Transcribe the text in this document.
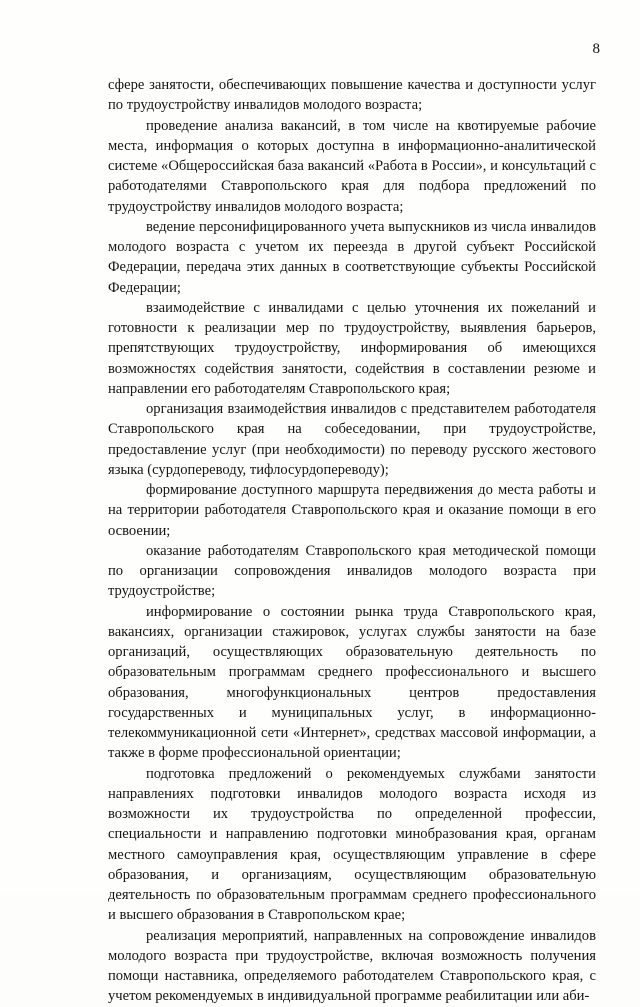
8

сфере занятости, обеспечивающих повышение качества и доступности услуг по трудоустройству инвалидов молодого возраста;

проведение анализа вакансий, в том числе на квотируемые рабочие места, информация о которых доступна в информационно-аналитической системе «Общероссийская база вакансий «Работа в России», и консультаций с работодателями Ставропольского края для подбора предложений по трудоустройству инвалидов молодого возраста;

ведение персонифицированного учета выпускников из числа инвалидов молодого возраста с учетом их переезда в другой субъект Российской Федерации, передача этих данных в соответствующие субъекты Российской Федерации;

взаимодействие с инвалидами с целью уточнения их пожеланий и готовности к реализации мер по трудоустройству, выявления барьеров, препятствующих трудоустройству, информирования об имеющихся возможностях содействия занятости, содействия в составлении резюме и направлении его работодателям Ставропольского края;

организация взаимодействия инвалидов с представителем работодателя Ставропольского края на собеседовании, при трудоустройстве, предоставление услуг (при необходимости) по переводу русского жестового языка (сурдопереводу, тифлосурдопереводу);

формирование доступного маршрута передвижения до места работы и на территории работодателя Ставропольского края и оказание помощи в его освоении;

оказание работодателям Ставропольского края методической помощи по организации сопровождения инвалидов молодого возраста при трудоустройстве;

информирование о состоянии рынка труда Ставропольского края, вакансиях, организации стажировок, услугах службы занятости на базе организаций, осуществляющих образовательную деятельность по образовательным программам среднего профессионального и высшего образования, многофункциональных центров предоставления государственных и муниципальных услуг, в информационно-телекоммуникационной сети «Интернет», средствах массовой информации, а также в форме профессиональной ориентации;

подготовка предложений о рекомендуемых службами занятости направлениях подготовки инвалидов молодого возраста исходя из возможности их трудоустройства по определенной профессии, специальности и направлению подготовки минобразования края, органам местного самоуправления края, осуществляющим управление в сфере образования, и организациям, осуществляющим образовательную деятельность по образовательным программам среднего профессионального и высшего образования в Ставропольском крае;

реализация мероприятий, направленных на сопровождение инвалидов молодого возраста при трудоустройстве, включая возможность получения помощи наставника, определяемого работодателем Ставропольского края, с учетом рекомендуемых в индивидуальной программе реабилитации или аби-
